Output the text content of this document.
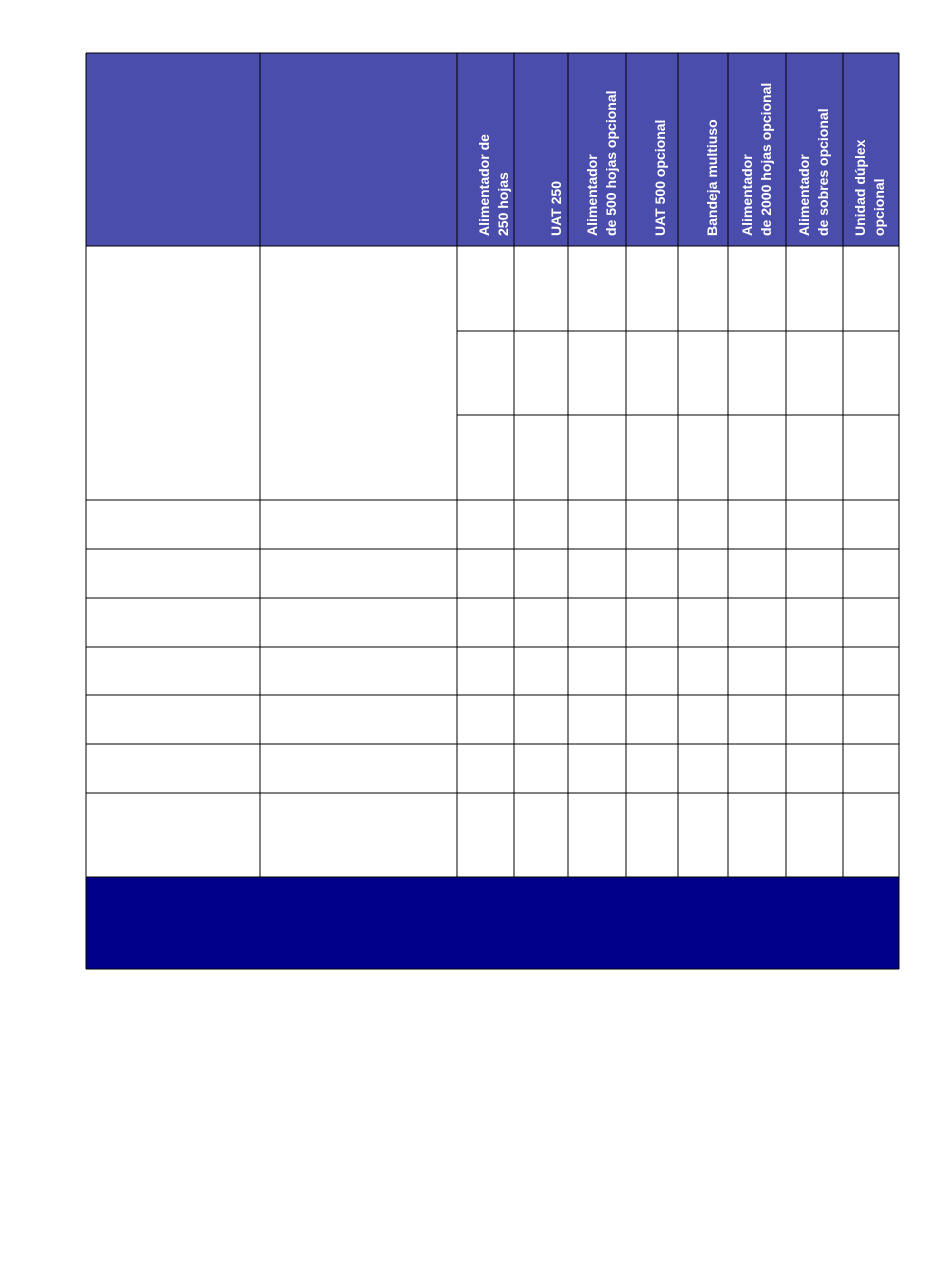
Alimentador de
250 hojas	UAT 250 Alimentador
de 500 hojas opcional
UAT 500 opcional	Bandeja multiuso Alimentador
de 2000 hojas opcional
Alimentador
de sobres opcional
Unidad dúplex
opcional
